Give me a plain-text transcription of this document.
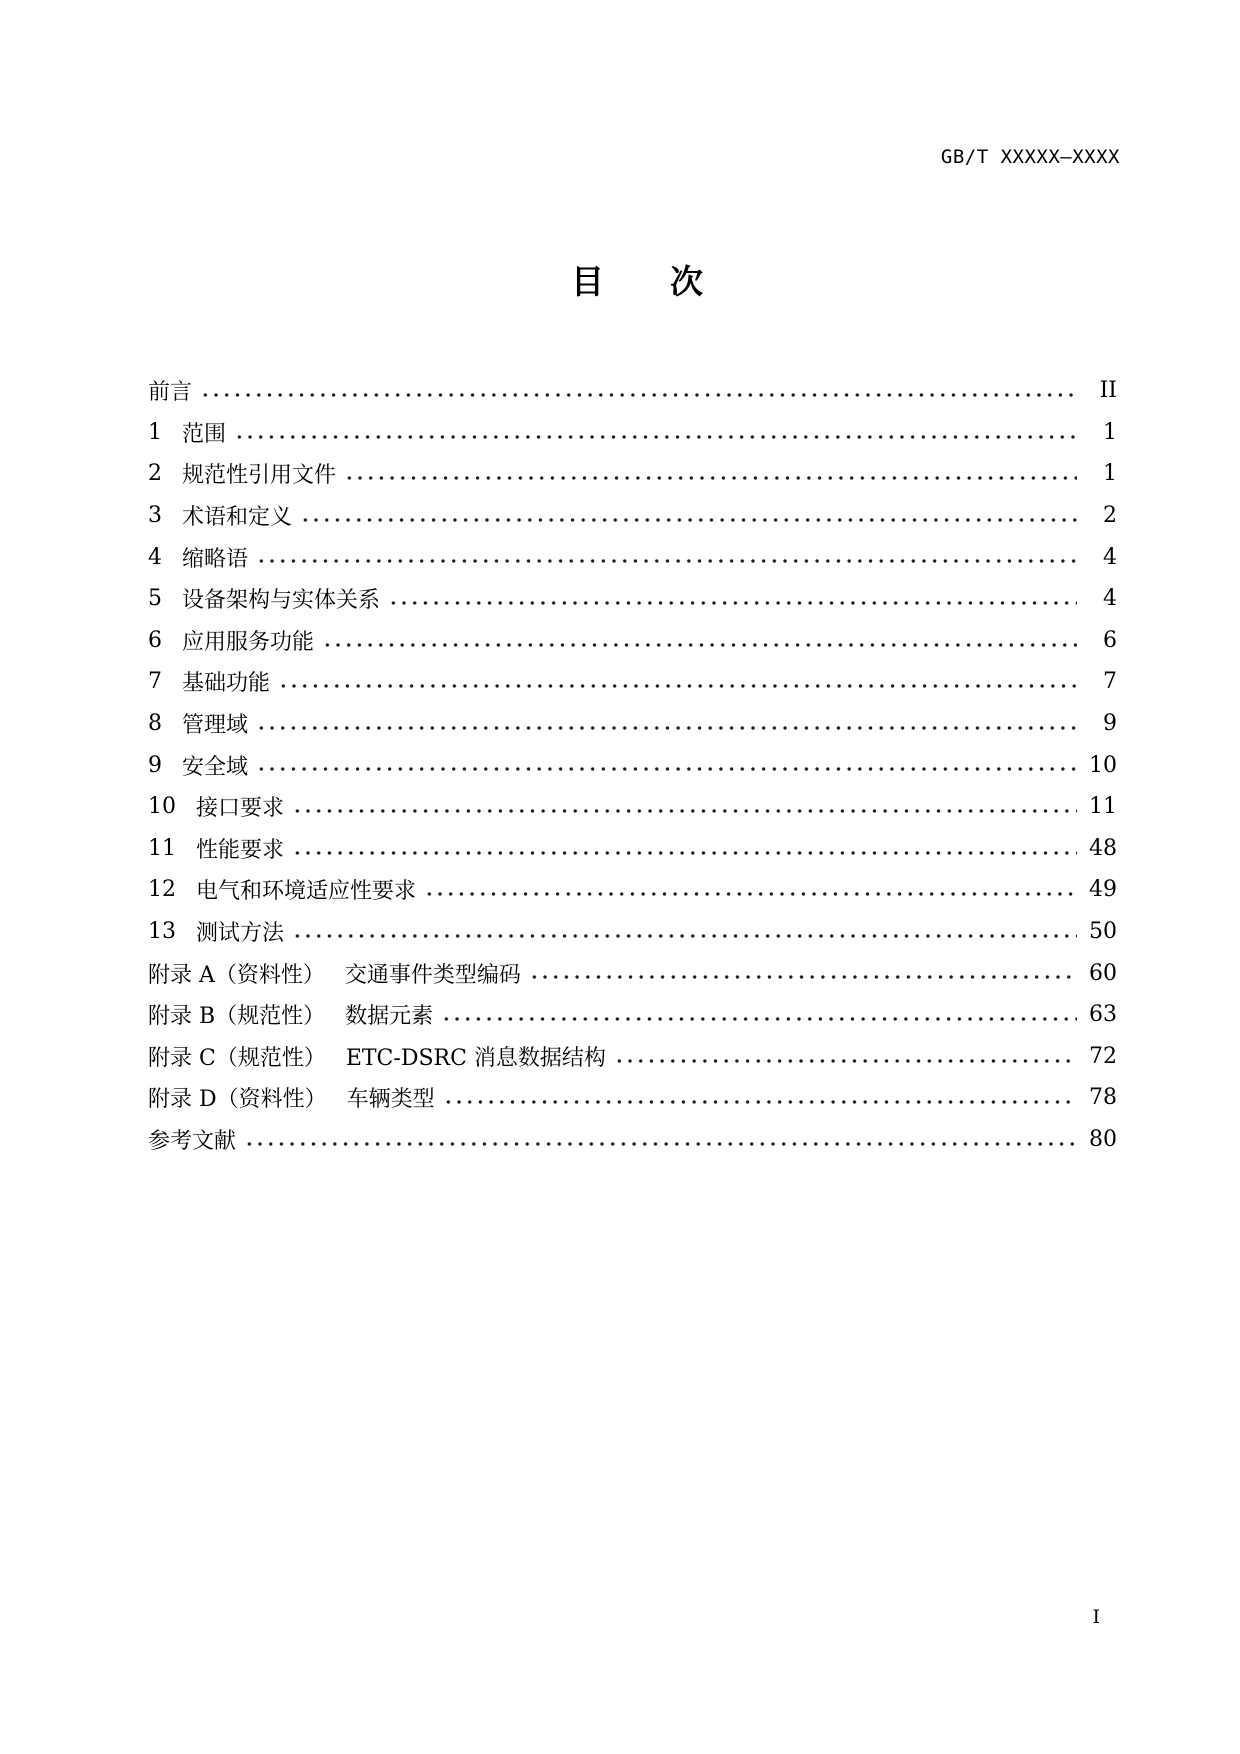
GB/T XXXXX—XXXX
目　　次
前言	II
1 范围	1
2 规范性引用文件	1
3 术语和定义	2
4 缩略语	4
5 设备架构与实体关系	4
6 应用服务功能	6
7 基础功能	7
8 管理域	9
9 安全域	10
10 接口要求	11
11 性能要求	48
12 电气和环境适应性要求	49
13 测试方法	50
附录 A（资料性） 交通事件类型编码	60
附录 B（规范性） 数据元素	63
附录 C（规范性） ETC-DSRC 消息数据结构	72
附录 D（资料性） 车辆类型	78
参考文献	80
I
